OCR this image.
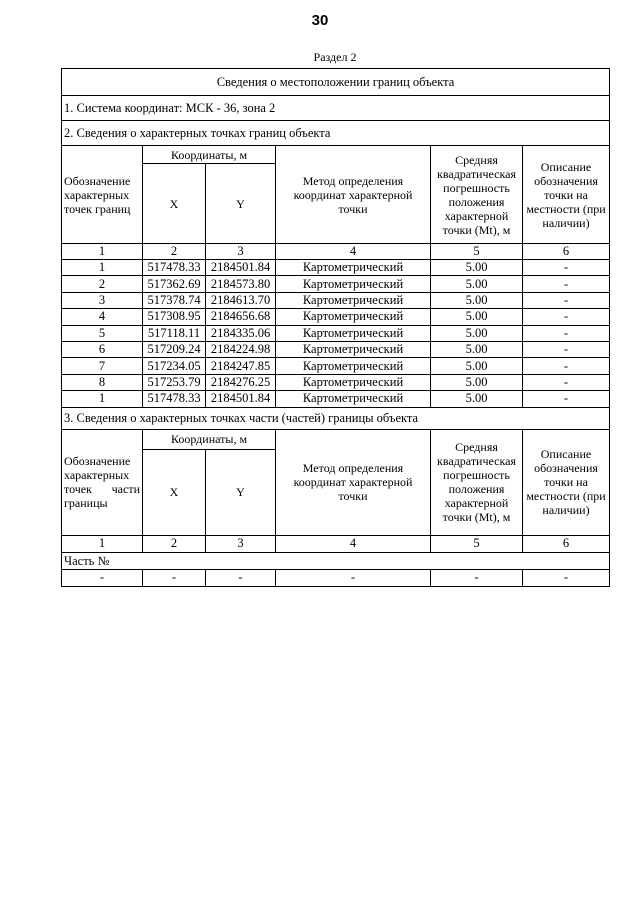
30
Раздел 2
Сведения о местоположении границ объекта					
1. Система координат: МСК - 36, зона 2					
2. Сведения о характерных точках границ объекта					
Обозначение характерных точек границ	Координаты, м		Метод определения координат характерной точки	Средняя квадратическая погрешность положения характерной точки (Mt), м	Описание обозначения точки на местности (при наличии)
	X	Y			
1	2	3	4	5	6
1	517478.33	2184501.84	Картометрический	5.00	-
2	517362.69	2184573.80	Картометрический	5.00	-
3	517378.74	2184613.70	Картометрический	5.00	-
4	517308.95	2184656.68	Картометрический	5.00	-
5	517118.11	2184335.06	Картометрический	5.00	-
6	517209.24	2184224.98	Картометрический	5.00	-
7	517234.05	2184247.85	Картометрический	5.00	-
8	517253.79	2184276.25	Картометрический	5.00	-
1	517478.33	2184501.84	Картометрический	5.00	-
3. Сведения о характерных точках части (частей) границы объекта					
Обозначение характерных точек части границы	Координаты, м		Метод определения координат характерной точки	Средняя квадратическая погрешность положения характерной точки (Mt), м	Описание обозначения точки на местности (при наличии)
	X	Y			
1	2	3	4	5	6
Часть №					
-	-	-	-	-	-
